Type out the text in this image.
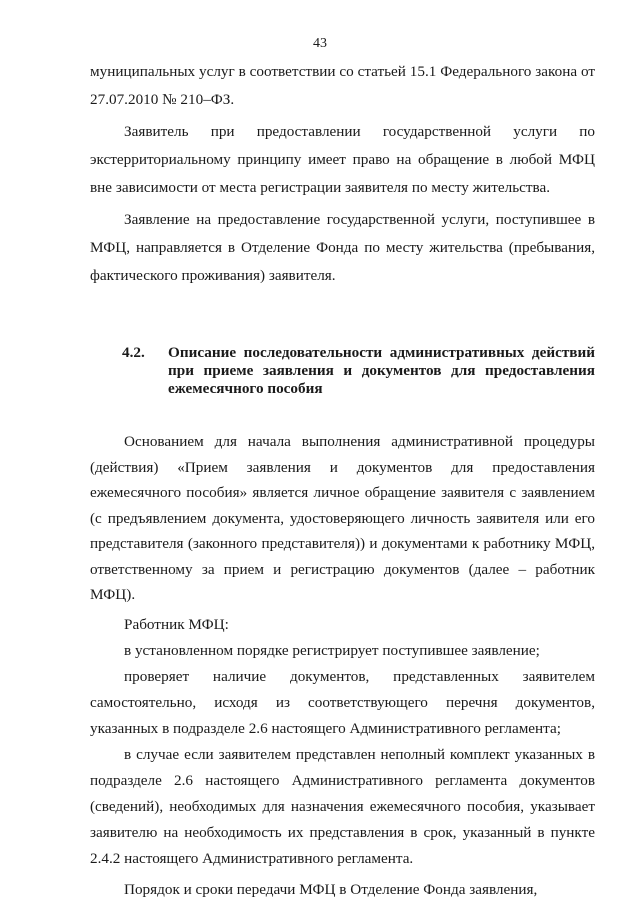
43

муниципальных услуг в соответствии со статьей 15.1 Федерального закона от 27.07.2010 № 210–ФЗ.

Заявитель при предоставлении государственной услуги по экстерриториальному принципу имеет право на обращение в любой МФЦ вне зависимости от места регистрации заявителя по месту жительства.

Заявление на предоставление государственной услуги, поступившее в МФЦ, направляется в Отделение Фонда по месту жительства (пребывания, фактического проживания) заявителя.

4.2.	Описание последовательности административных действий при приеме заявления и документов для предоставления ежемесячного пособия

Основанием для начала выполнения административной процедуры (действия) «Прием заявления и документов для предоставления ежемесячного пособия» является личное обращение заявителя с заявлением (с предъявлением документа, удостоверяющего личность заявителя или его представителя (законного представителя)) и документами к работнику МФЦ, ответственному за прием и регистрацию документов (далее – работник МФЦ).

Работник МФЦ:

в установленном порядке регистрирует поступившее заявление;

проверяет наличие документов, представленных заявителем самостоятельно, исходя из соответствующего перечня документов, указанных в подразделе 2.6 настоящего Административного регламента;

в случае если заявителем представлен неполный комплект указанных в подразделе 2.6 настоящего Административного регламента документов (сведений), необходимых для назначения ежемесячного пособия, указывает заявителю на необходимость их представления в срок, указанный в пункте 2.4.2 настоящего Административного регламента.

Порядок и сроки передачи МФЦ в Отделение Фонда заявления,
